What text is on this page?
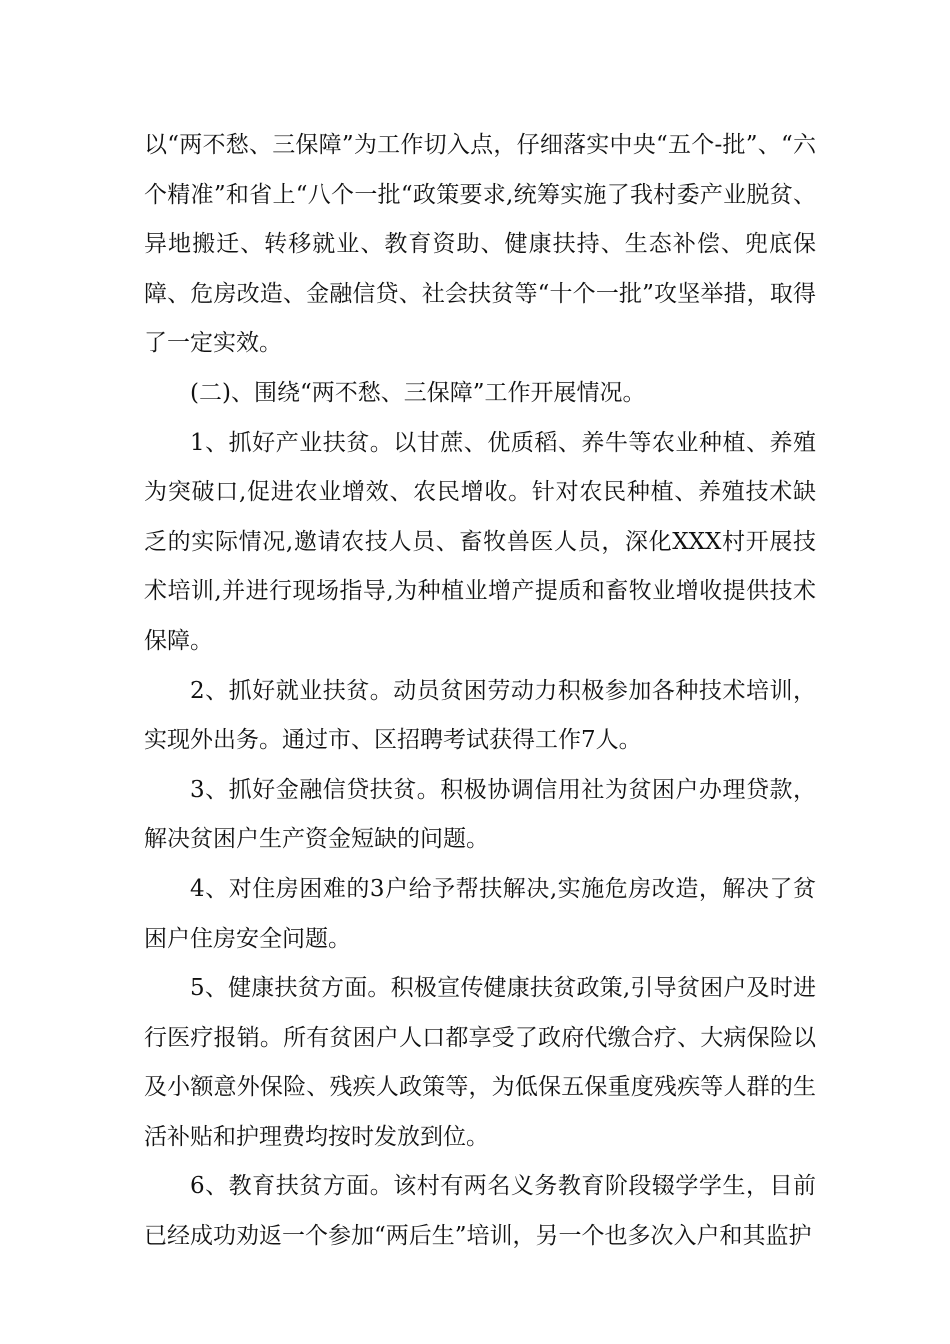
以“两不愁、三保障”为工作切入点，仔细落实中央“五个-批”、“六个精准”和省上“八个一批“政策要求,统筹实施了我村委产业脱贫、异地搬迁、转移就业、教育资助、健康扶持、生态补偿、兜底保障、危房改造、金融信贷、社会扶贫等“十个一批”攻坚举措，取得了一定实效。

(二)、围绕“两不愁、三保障”工作开展情况。

1、抓好产业扶贫。以甘蔗、优质稻、养牛等农业种植、养殖为突破口,促进农业增效、农民增收。针对农民种植、养殖技术缺乏的实际情况,邀请农技人员、畜牧兽医人员，深化XXX村开展技术培训,并进行现场指导,为种植业增产提质和畜牧业增收提供技术保障。

2、抓好就业扶贫。动员贫困劳动力积极参加各种技术培训，实现外出务。通过市、区招聘考试获得工作7人。

3、抓好金融信贷扶贫。积极协调信用社为贫困户办理贷款，解决贫困户生产资金短缺的问题。

4、对住房困难的3户给予帮扶解决,实施危房改造，解决了贫困户住房安全问题。

5、健康扶贫方面。积极宣传健康扶贫政策,引导贫困户及时进行医疗报销。所有贫困户人口都享受了政府代缴合疗、大病保险以及小额意外保险、残疾人政策等，为低保五保重度残疾等人群的生活补贴和护理费均按时发放到位。

6、教育扶贫方面。该村有两名义务教育阶段辍学学生，目前已经成功劝返一个参加“两后生”培训，另一个也多次入户和其监护
